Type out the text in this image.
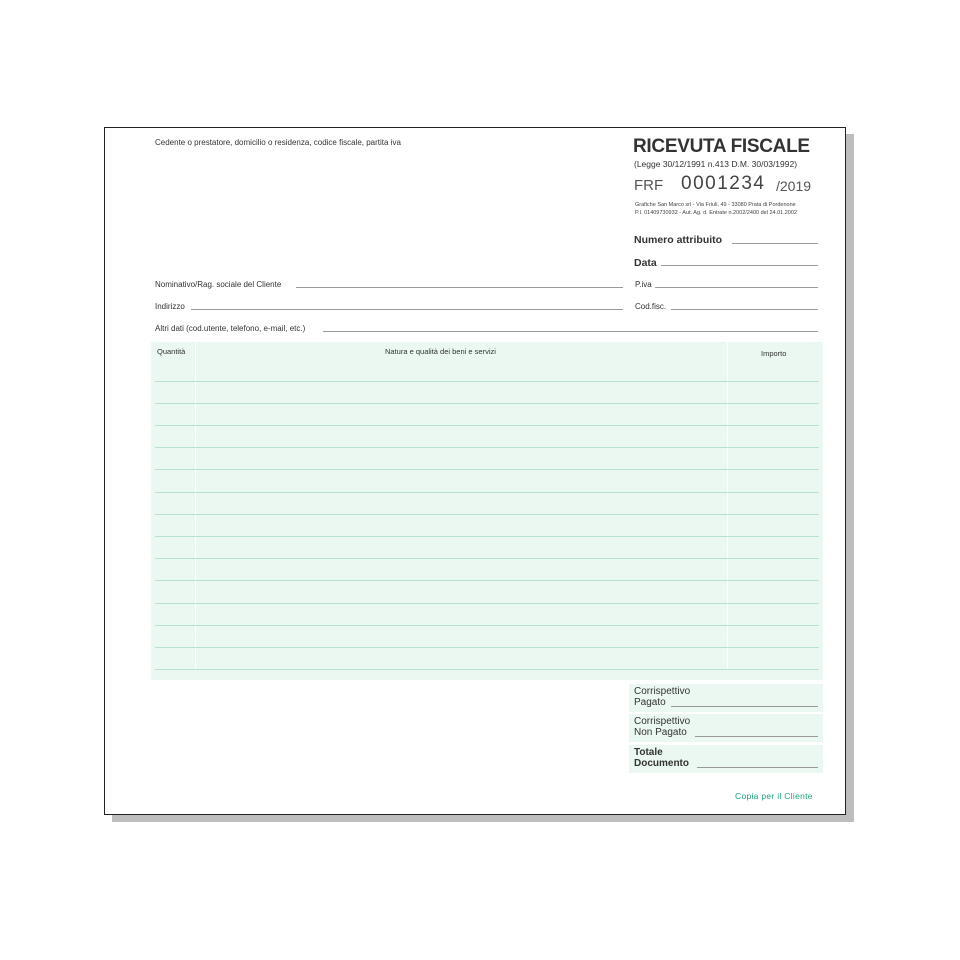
Cedente o prestatore, domicilio o residenza, codice fiscale, partita iva	RICEVUTA FISCALE
(Legge 30/12/1991 n.413 D.M. 30/03/1992)
FRF 0001234 /2019
Grafiche San Marco srl - Via Friuli, 49 - 33080 Prata di Pordenone
P.I. 01409730932 - Aut. Ag. d. Entrate n.2002/2400 del 24.01.2002
Numero attribuito
Data
Nominativo/Rag. sociale del Cliente	P.iva
Indirizzo	Cod.fisc.
Altri dati (cod.utente, telefono, e-mail, etc.)
Quantità	Natura e qualità dei beni e servizi	Importo
Corrispettivo
Pagato
Corrispettivo
Non Pagato
Totale
Documento
Copia per il Cliente
